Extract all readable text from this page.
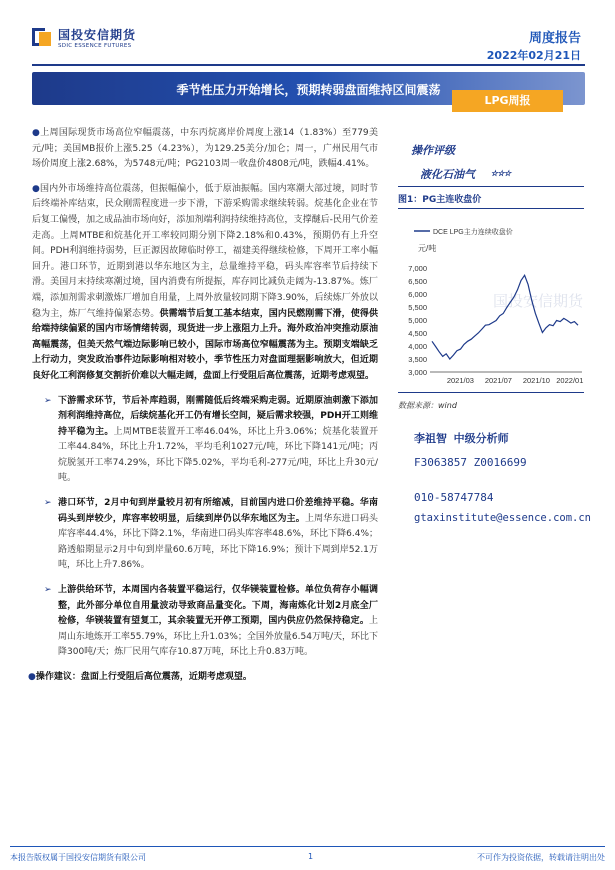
国投安信期货
SDIC ESSENCE FUTURES	周度报告
2022年02月21日
季节性压力开始增长，预期转弱盘面维持区间震荡
LPG周报

●上周国际现货市场高位窄幅震荡，中东丙烷离岸价周度上涨14（1.83%）至779美元/吨；美国MB报价上涨5.25（4.23%），为129.25美分/加仑；周一，广州民用气市场价周度上涨2.68%，为5748元/吨；PG2103周一收盘价4808元/吨，跌幅4.41%。

●国内外市场维持高位震荡，但振幅偏小，低于原油振幅。国内寒潮大部过境，同时节后终端补库结束，民众刚需程度进一步下滑，下游采购需求继续转弱。烷基化企业在节后复工偏慢，加之成品油市场向好，添加剂端利润持续维持高位，支撑醚后-民用气价差走高。上周MTBE和烷基化开工率较同期分别下降2.18%和0.43%，预期仍有上升空间。PDH利润维持弱势，巨正源因故障临时停工，福建美得继续检修，下周开工率小幅回升。港口环节，近期到港以华东地区为主，总量维持平稳，码头库容率节后持续下滑。美国月末持续寒潮过境，国内消费有所提振，库存同比减负走阔为-13.87%。炼厂端，添加剂需求刺激炼厂增加自用量，上周外放量较同期下降3.90%，后续炼厂外放以稳为主，炼厂气维持偏紧态势。供需端节后复工基本结束，国内民燃刚需下滑，使得供给端持续偏紧的国内市场情绪转弱，现货进一步上涨阻力上升。海外政治冲突推动原油高幅震荡，但美天然气端边际影响已较小，国际市场高位窄幅震荡为主。预期支端缺乏上行动力，突发政治事件边际影响相对较小，季节性压力对盘面理据影响放大，但近期良好化工利润修复交割折价难以大幅走阔，盘面上行受阻后高位震荡，近期考虑观望。

➢ 下游需求环节，节后补库趋弱，刚需随低后终端采购走弱。近期原油刺激下添加剂利润维持高位，后续烷基化开工仍有增长空间，疑后需求较强，PDH开工则维持平稳为主。上周MTBE装置开工率46.04%，环比上升3.06%；烷基化装置开工率44.84%，环比上升1.72%，平均毛利1027元/吨，环比下降141元/吨；丙烷脱氢开工率74.29%，环比下降5.02%，平均毛利-277元/吨，环比上升30元/吨。
➢ 港口环节，2月中旬到岸量较月初有所缩减，目前国内进口价差维持平稳。华南码头到岸较少，库容率较明显，后续到岸仍以华东地区为主。上周华东进口码头库容率44.4%，环比下降2.1%，华南进口码头库容率48.6%，环比下降6.4%；路透船期显示2月中旬到岸量60.6万吨，环比下降16.9%；预计下周到岸52.1万吨，环比上升7.86%。
➢ 上游供给环节，本周国内各装置平稳运行，仅华镁装置检修。单位负荷存小幅调整，此外部分单位自用量波动导致商品量变化。下周，海南炼化计划2月底全厂检修，华镁装置有望复工，其余装置无开停工预期，国内供应仍然保持稳定。上周山东地炼开工率55.79%，环比上升1.03%；全国外放量6.54万吨/天，环比下降300吨/天；炼厂民用气库存10.87万吨，环比上升0.83万吨。

●操作建议：盘面上行受阻后高位震荡，近期考虑观望。

操作评级
液化石油气 ☆☆☆
图1：PG主连收盘价
DCE LPG主力连续收盘价
元/吨
国投安信期货
7,000
6,500
6,000
5,500
5,000
4,500
4,000
3,500
3,000
2021/03 2021/07 2021/10 2022/01
数据来源：wind
李祖智 中级分析师
F3063857 Z0016699
010-58747784
gtaxinstitute@essence.com.cn
本报告版权属于国投安信期货有限公司	1	不可作为投资依据，转载请注明出处
